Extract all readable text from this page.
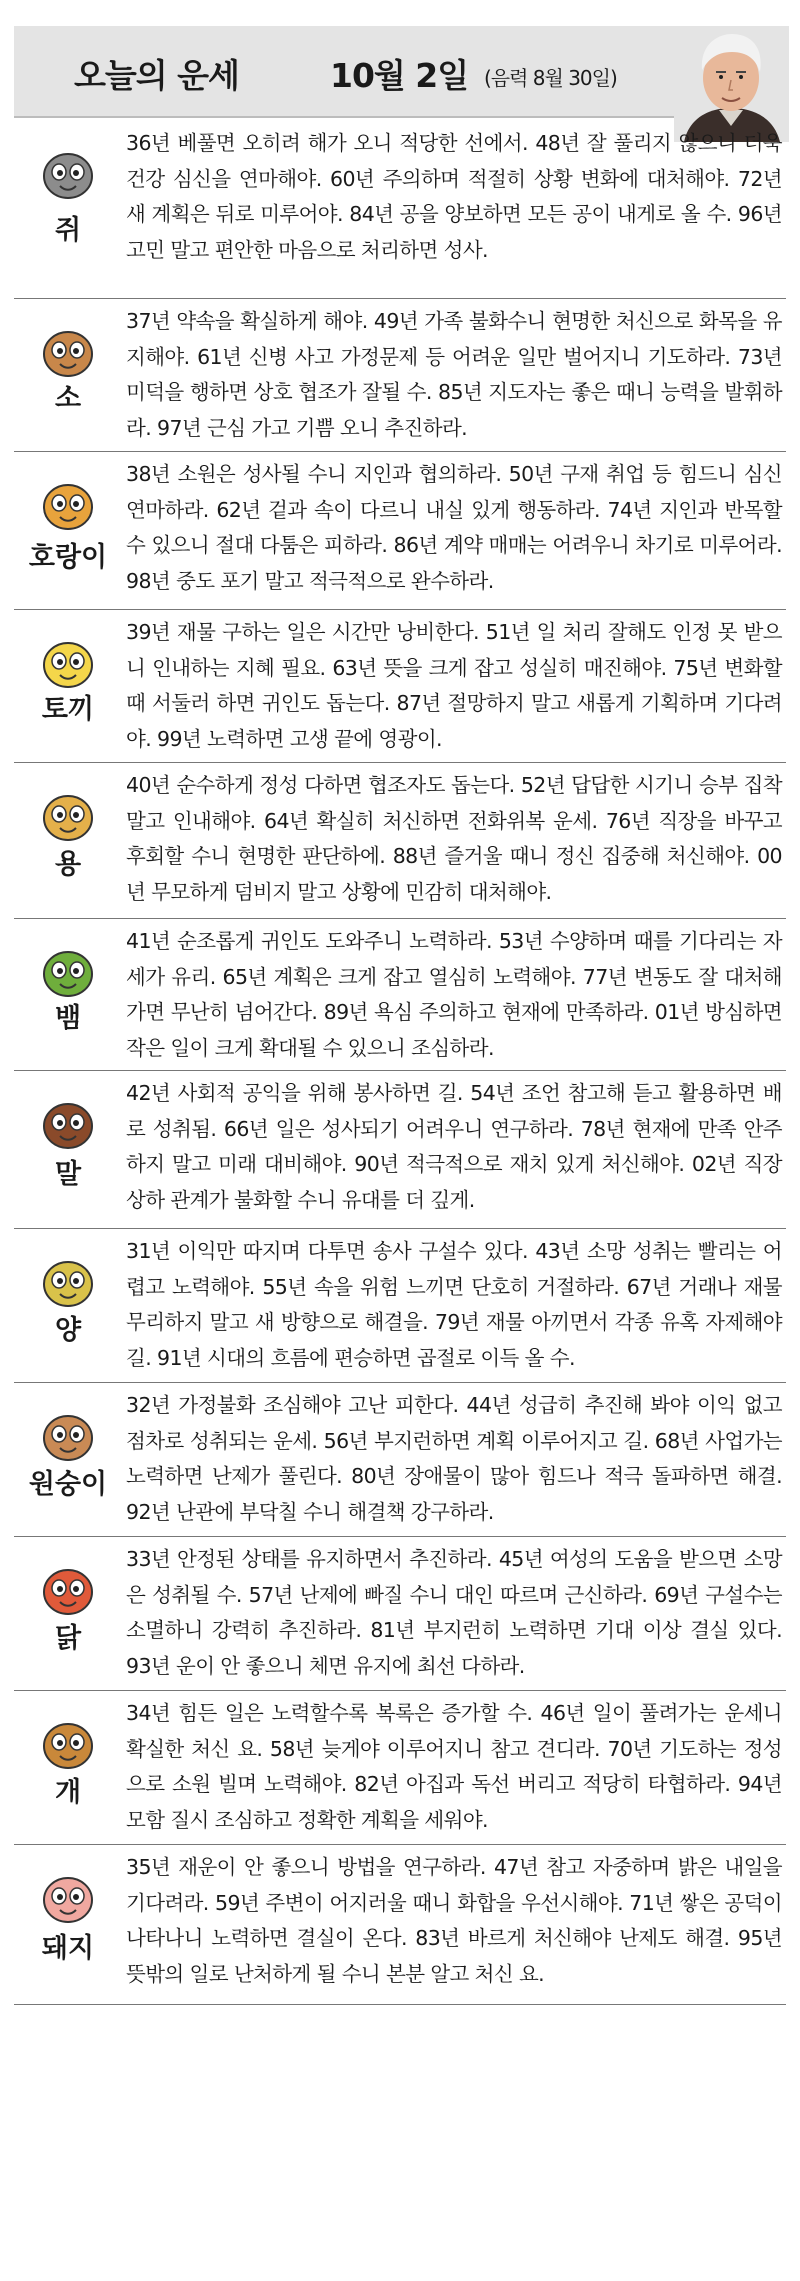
오늘의 운세	10월 2일 (음력 8월 30일)
쥐
36년 베풀면 오히려 해가 오니 적당한 선에서. 48년 잘 풀리지 않으니 더욱 건강 심신을 연마해야. 60년 주의하며 적절히 상황 변화에 대처해야. 72년 새 계획은 뒤로 미루어야. 84년 공을 양보하면 모든 공이 내게로 올 수. 96년 고민 말고 편안한 마음으로 처리하면 성사.
소
37년 약속을 확실하게 해야. 49년 가족 불화수니 현명한 처신으로 화목을 유지해야. 61년 신병 사고 가정문제 등 어려운 일만 벌어지니 기도하라. 73년 미덕을 행하면 상호 협조가 잘될 수. 85년 지도자는 좋은 때니 능력을 발휘하라. 97년 근심 가고 기쁨 오니 추진하라.
호랑이
38년 소원은 성사될 수니 지인과 협의하라. 50년 구재 취업 등 힘드니 심신 연마하라. 62년 겉과 속이 다르니 내실 있게 행동하라. 74년 지인과 반목할 수 있으니 절대 다툼은 피하라. 86년 계약 매매는 어려우니 차기로 미루어라. 98년 중도 포기 말고 적극적으로 완수하라.
토끼
39년 재물 구하는 일은 시간만 낭비한다. 51년 일 처리 잘해도 인정 못 받으니 인내하는 지혜 필요. 63년 뜻을 크게 잡고 성실히 매진해야. 75년 변화할 때 서둘러 하면 귀인도 돕는다. 87년 절망하지 말고 새롭게 기획하며 기다려야. 99년 노력하면 고생 끝에 영광이.
용
40년 순수하게 정성 다하면 협조자도 돕는다. 52년 답답한 시기니 승부 집착 말고 인내해야. 64년 확실히 처신하면 전화위복 운세. 76년 직장을 바꾸고 후회할 수니 현명한 판단하에. 88년 즐거울 때니 정신 집중해 처신해야. 00년 무모하게 덤비지 말고 상황에 민감히 대처해야.
뱀
41년 순조롭게 귀인도 도와주니 노력하라. 53년 수양하며 때를 기다리는 자세가 유리. 65년 계획은 크게 잡고 열심히 노력해야. 77년 변동도 잘 대처해 가면 무난히 넘어간다. 89년 욕심 주의하고 현재에 만족하라. 01년 방심하면 작은 일이 크게 확대될 수 있으니 조심하라.
말
42년 사회적 공익을 위해 봉사하면 길. 54년 조언 참고해 듣고 활용하면 배로 성취됨. 66년 일은 성사되기 어려우니 연구하라. 78년 현재에 만족 안주하지 말고 미래 대비해야. 90년 적극적으로 재치 있게 처신해야. 02년 직장 상하 관계가 불화할 수니 유대를 더 깊게.
양
31년 이익만 따지며 다투면 송사 구설수 있다. 43년 소망 성취는 빨리는 어렵고 노력해야. 55년 속을 위험 느끼면 단호히 거절하라. 67년 거래나 재물 무리하지 말고 새 방향으로 해결을. 79년 재물 아끼면서 각종 유혹 자제해야 길. 91년 시대의 흐름에 편승하면 곱절로 이득 올 수.
원숭이
32년 가정불화 조심해야 고난 피한다. 44년 성급히 추진해 봐야 이익 없고 점차로 성취되는 운세. 56년 부지런하면 계획 이루어지고 길. 68년 사업가는 노력하면 난제가 풀린다. 80년 장애물이 많아 힘드나 적극 돌파하면 해결. 92년 난관에 부닥칠 수니 해결책 강구하라.
닭
33년 안정된 상태를 유지하면서 추진하라. 45년 여성의 도움을 받으면 소망은 성취될 수. 57년 난제에 빠질 수니 대인 따르며 근신하라. 69년 구설수는 소멸하니 강력히 추진하라. 81년 부지런히 노력하면 기대 이상 결실 있다. 93년 운이 안 좋으니 체면 유지에 최선 다하라.
개
34년 힘든 일은 노력할수록 복록은 증가할 수. 46년 일이 풀려가는 운세니 확실한 처신 요. 58년 늦게야 이루어지니 참고 견디라. 70년 기도하는 정성으로 소원 빌며 노력해야. 82년 아집과 독선 버리고 적당히 타협하라. 94년 모함 질시 조심하고 정확한 계획을 세워야.
돼지
35년 재운이 안 좋으니 방법을 연구하라. 47년 참고 자중하며 밝은 내일을 기다려라. 59년 주변이 어지러울 때니 화합을 우선시해야. 71년 쌓은 공덕이 나타나니 노력하면 결실이 온다. 83년 바르게 처신해야 난제도 해결. 95년 뜻밖의 일로 난처하게 될 수니 본분 알고 처신 요.
